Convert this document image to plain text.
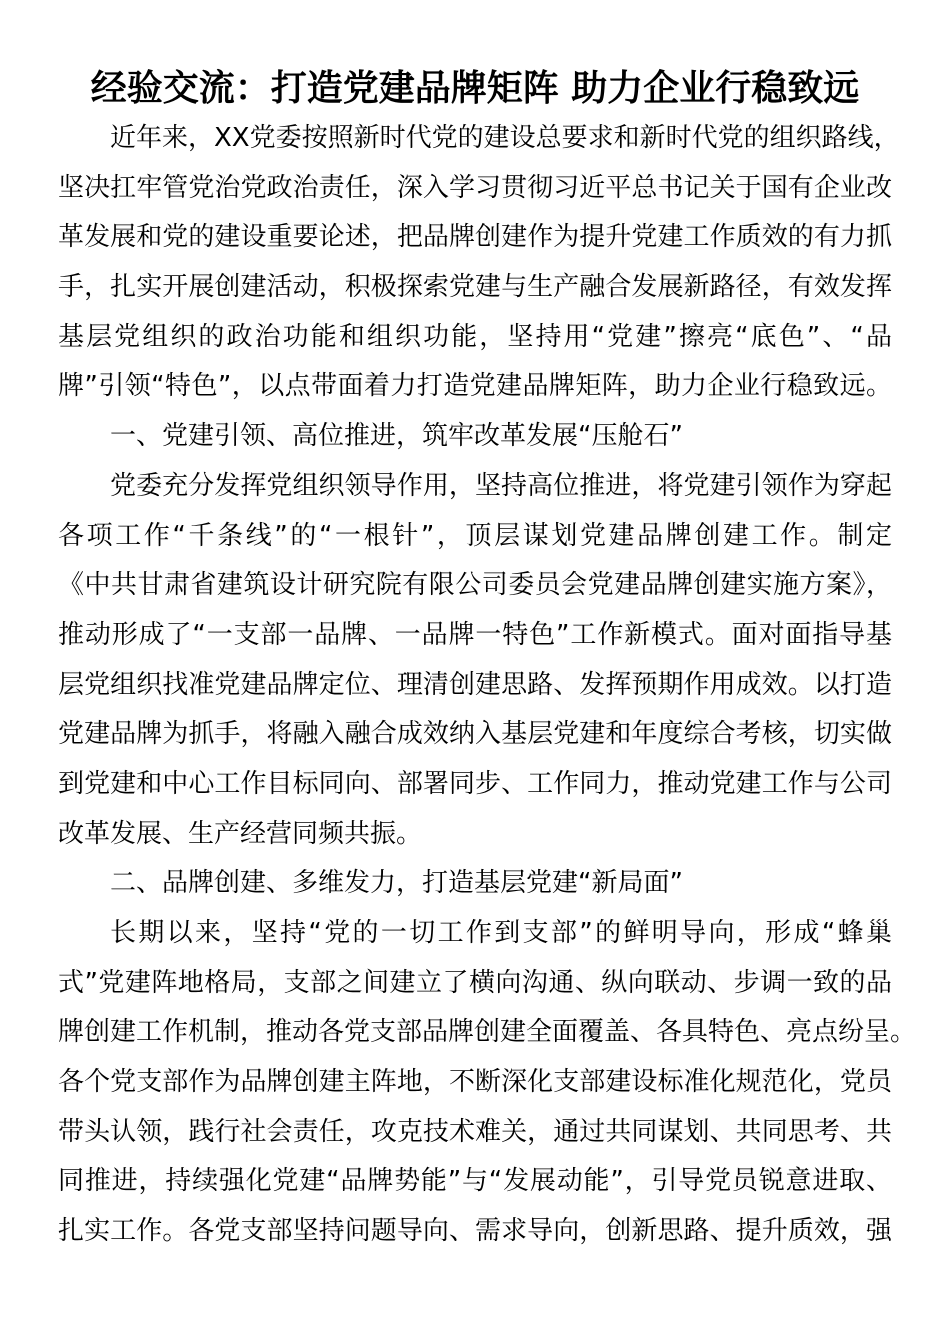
经验交流：打造党建品牌矩阵 助力企业行稳致远
近年来，XX党委按照新时代党的建设总要求和新时代党的组织路线，
坚决扛牢管党治党政治责任，深入学习贯彻习近平总书记关于国有企业改
革发展和党的建设重要论述，把品牌创建作为提升党建工作质效的有力抓
手，扎实开展创建活动，积极探索党建与生产融合发展新路径，有效发挥
基层党组织的政治功能和组织功能，坚持用“党建”擦亮“底色”、“品
牌”引领“特色”，以点带面着力打造党建品牌矩阵，助力企业行稳致远。
一、党建引领、高位推进，筑牢改革发展“压舱石”
党委充分发挥党组织领导作用，坚持高位推进，将党建引领作为穿起
各项工作“千条线”的“一根针”，顶层谋划党建品牌创建工作。制定
《中共甘肃省建筑设计研究院有限公司委员会党建品牌创建实施方案》，
推动形成了“一支部一品牌、一品牌一特色”工作新模式。面对面指导基
层党组织找准党建品牌定位、理清创建思路、发挥预期作用成效。以打造
党建品牌为抓手，将融入融合成效纳入基层党建和年度综合考核，切实做
到党建和中心工作目标同向、部署同步、工作同力，推动党建工作与公司
改革发展、生产经营同频共振。
二、品牌创建、多维发力，打造基层党建“新局面”
长期以来，坚持“党的一切工作到支部”的鲜明导向，形成“蜂巢
式”党建阵地格局，支部之间建立了横向沟通、纵向联动、步调一致的品
牌创建工作机制，推动各党支部品牌创建全面覆盖、各具特色、亮点纷呈。
各个党支部作为品牌创建主阵地，不断深化支部建设标准化规范化，党员
带头认领，践行社会责任，攻克技术难关，通过共同谋划、共同思考、共
同推进，持续强化党建“品牌势能”与“发展动能”，引导党员锐意进取、
扎实工作。各党支部坚持问题导向、需求导向，创新思路、提升质效，强
